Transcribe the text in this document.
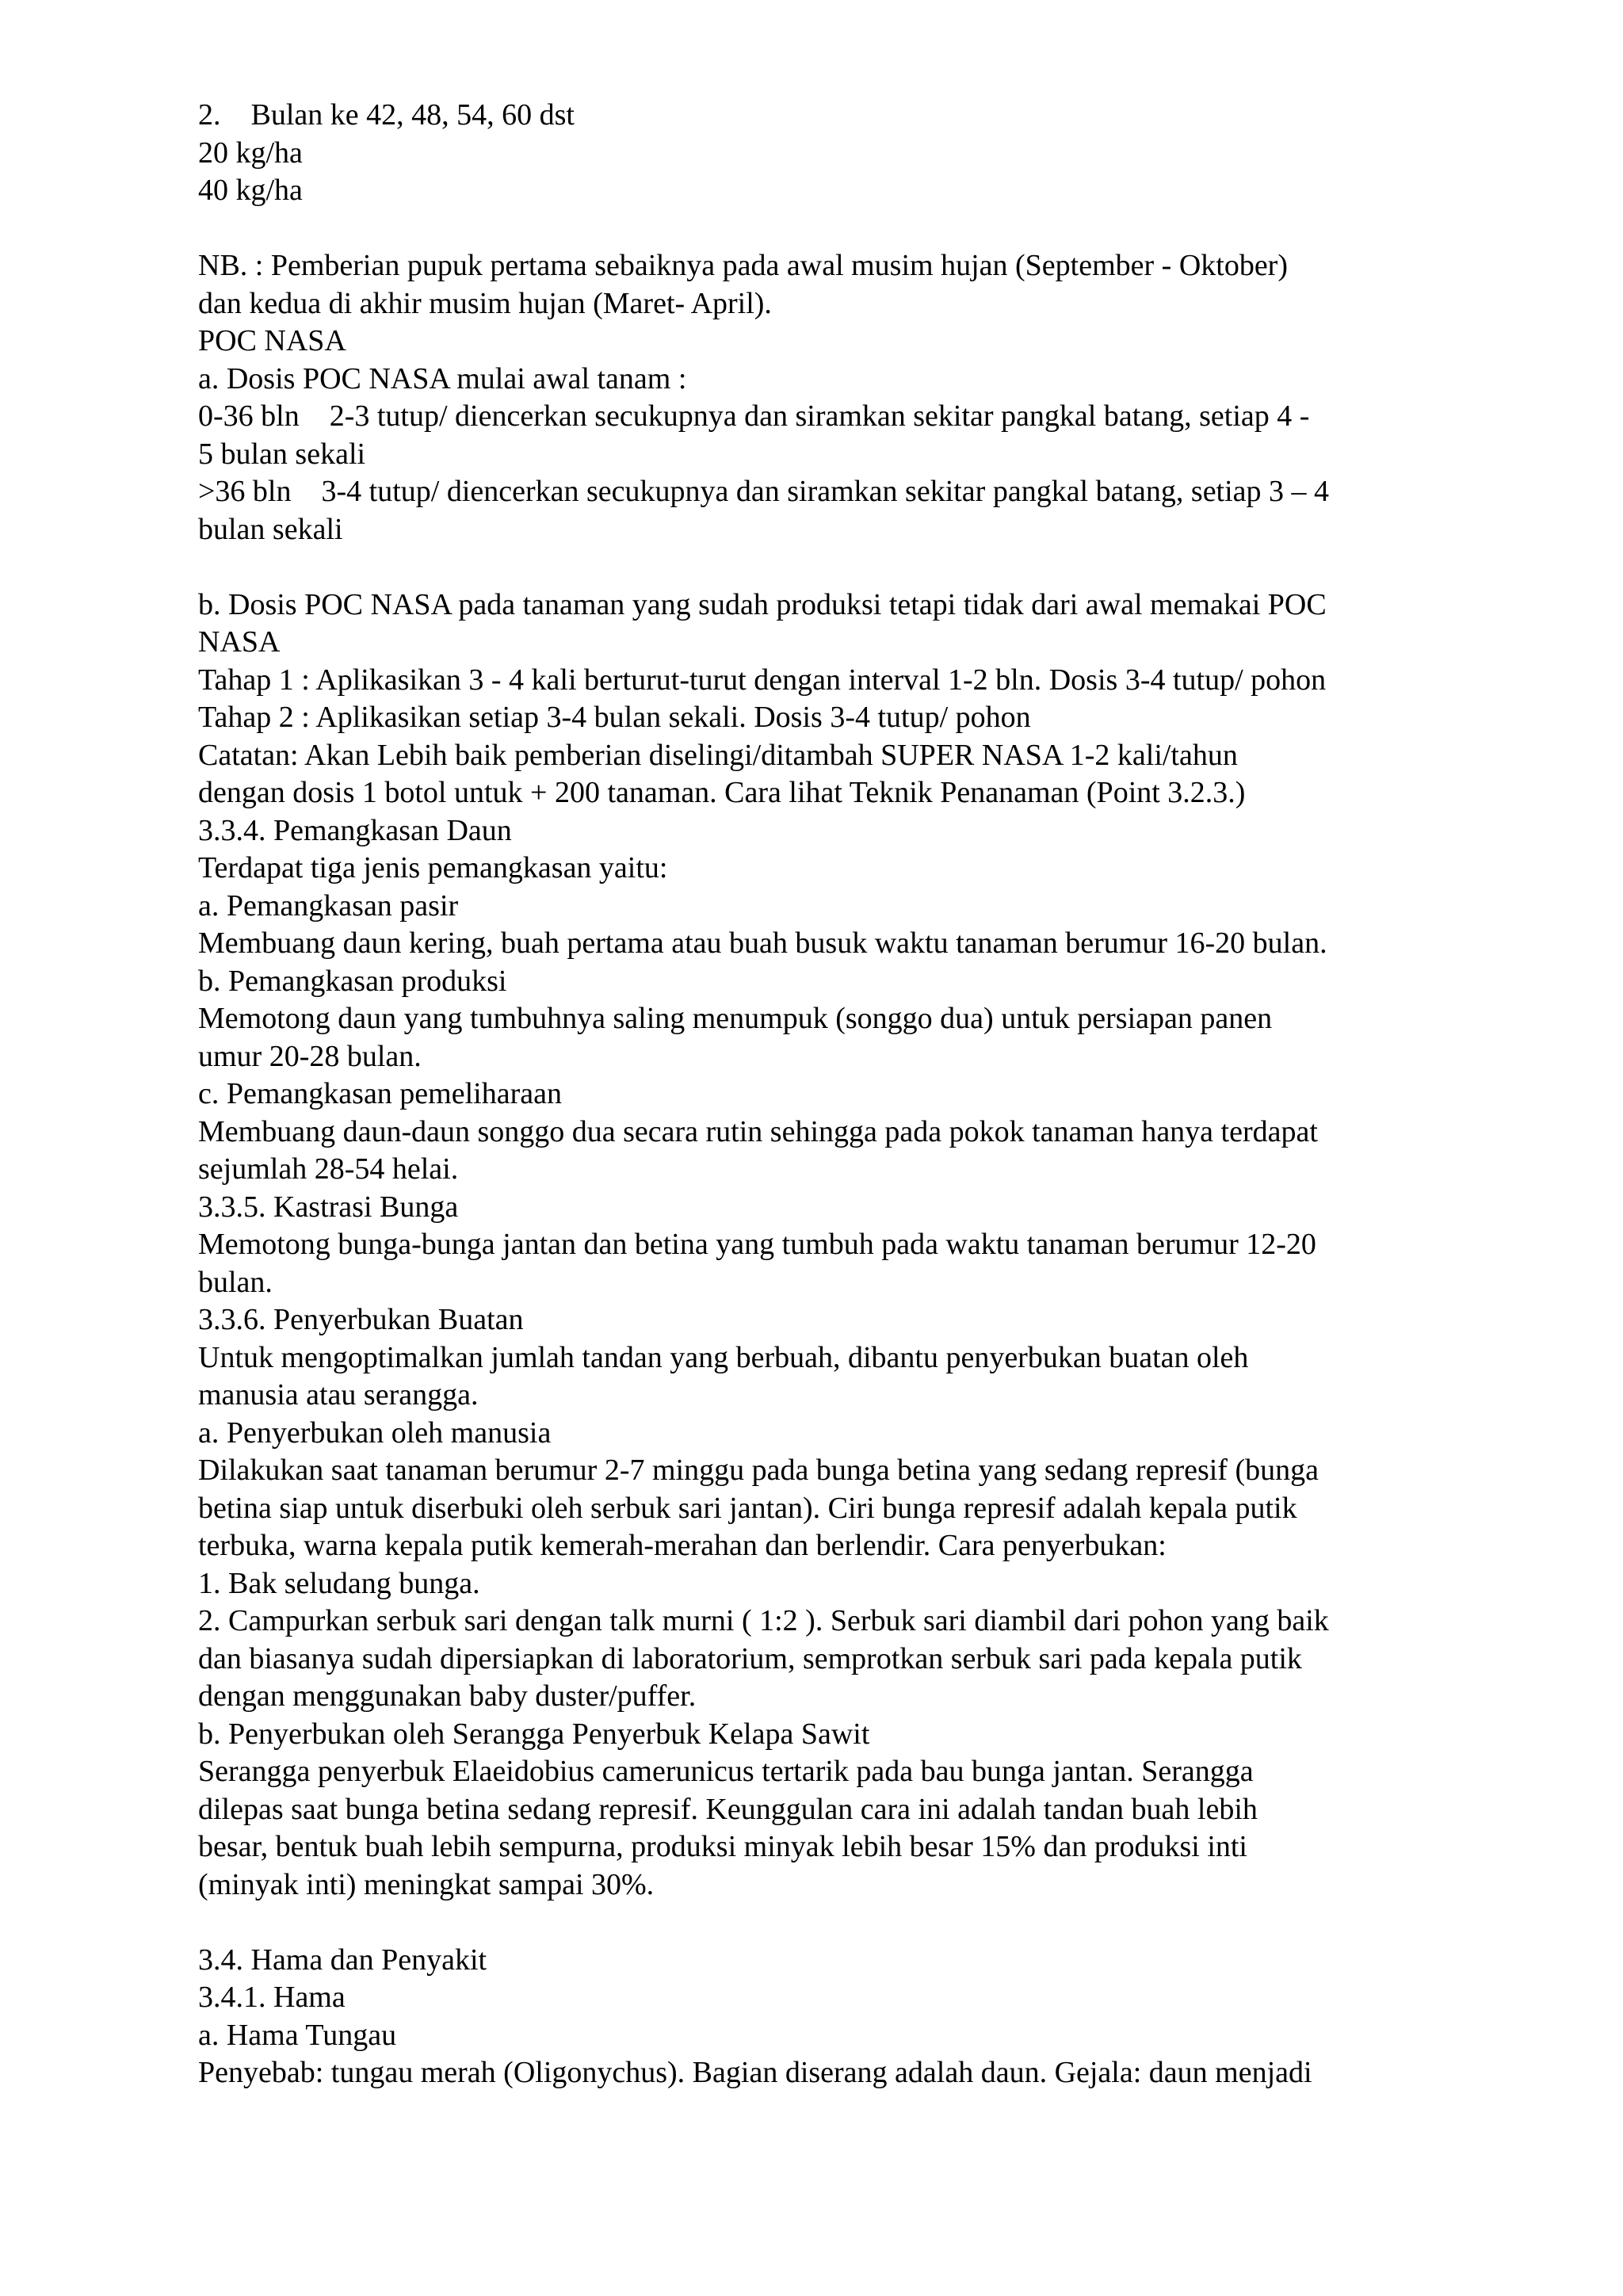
2.    Bulan ke 42, 48, 54, 60 dst
20 kg/ha
40 kg/ha
NB. : Pemberian pupuk pertama sebaiknya pada awal musim hujan (September - Oktober)
dan kedua di akhir musim hujan (Maret- April).
POC NASA
a. Dosis POC NASA mulai awal tanam :
0-36 bln    2-3 tutup/ diencerkan secukupnya dan siramkan sekitar pangkal batang, setiap 4 -
5 bulan sekali
>36 bln    3-4 tutup/ diencerkan secukupnya dan siramkan sekitar pangkal batang, setiap 3 – 4
bulan sekali
b. Dosis POC NASA pada tanaman yang sudah produksi tetapi tidak dari awal memakai POC
NASA
Tahap 1 : Aplikasikan 3 - 4 kali berturut-turut dengan interval 1-2 bln. Dosis 3-4 tutup/ pohon
Tahap 2 : Aplikasikan setiap 3-4 bulan sekali. Dosis 3-4 tutup/ pohon
Catatan: Akan Lebih baik pemberian diselingi/ditambah SUPER NASA 1-2 kali/tahun
dengan dosis 1 botol untuk + 200 tanaman. Cara lihat Teknik Penanaman (Point 3.2.3.)
3.3.4. Pemangkasan Daun
Terdapat tiga jenis pemangkasan yaitu:
a. Pemangkasan pasir
Membuang daun kering, buah pertama atau buah busuk waktu tanaman berumur 16-20 bulan.
b. Pemangkasan produksi
Memotong daun yang tumbuhnya saling menumpuk (songgo dua) untuk persiapan panen
umur 20-28 bulan.
c. Pemangkasan pemeliharaan
Membuang daun-daun songgo dua secara rutin sehingga pada pokok tanaman hanya terdapat
sejumlah 28-54 helai.
3.3.5. Kastrasi Bunga
Memotong bunga-bunga jantan dan betina yang tumbuh pada waktu tanaman berumur 12-20
bulan.
3.3.6. Penyerbukan Buatan
Untuk mengoptimalkan jumlah tandan yang berbuah, dibantu penyerbukan buatan oleh
manusia atau serangga.
a. Penyerbukan oleh manusia
Dilakukan saat tanaman berumur 2-7 minggu pada bunga betina yang sedang represif (bunga
betina siap untuk diserbuki oleh serbuk sari jantan). Ciri bunga represif adalah kepala putik
terbuka, warna kepala putik kemerah-merahan dan berlendir. Cara penyerbukan:
1. Bak seludang bunga.
2. Campurkan serbuk sari dengan talk murni ( 1:2 ). Serbuk sari diambil dari pohon yang baik
dan biasanya sudah dipersiapkan di laboratorium, semprotkan serbuk sari pada kepala putik
dengan menggunakan baby duster/puffer.
b. Penyerbukan oleh Serangga Penyerbuk Kelapa Sawit
Serangga penyerbuk Elaeidobius camerunicus tertarik pada bau bunga jantan. Serangga
dilepas saat bunga betina sedang represif. Keunggulan cara ini adalah tandan buah lebih
besar, bentuk buah lebih sempurna, produksi minyak lebih besar 15% dan produksi inti
(minyak inti) meningkat sampai 30%.
3.4. Hama dan Penyakit
3.4.1. Hama
a. Hama Tungau
Penyebab: tungau merah (Oligonychus). Bagian diserang adalah daun. Gejala: daun menjadi
